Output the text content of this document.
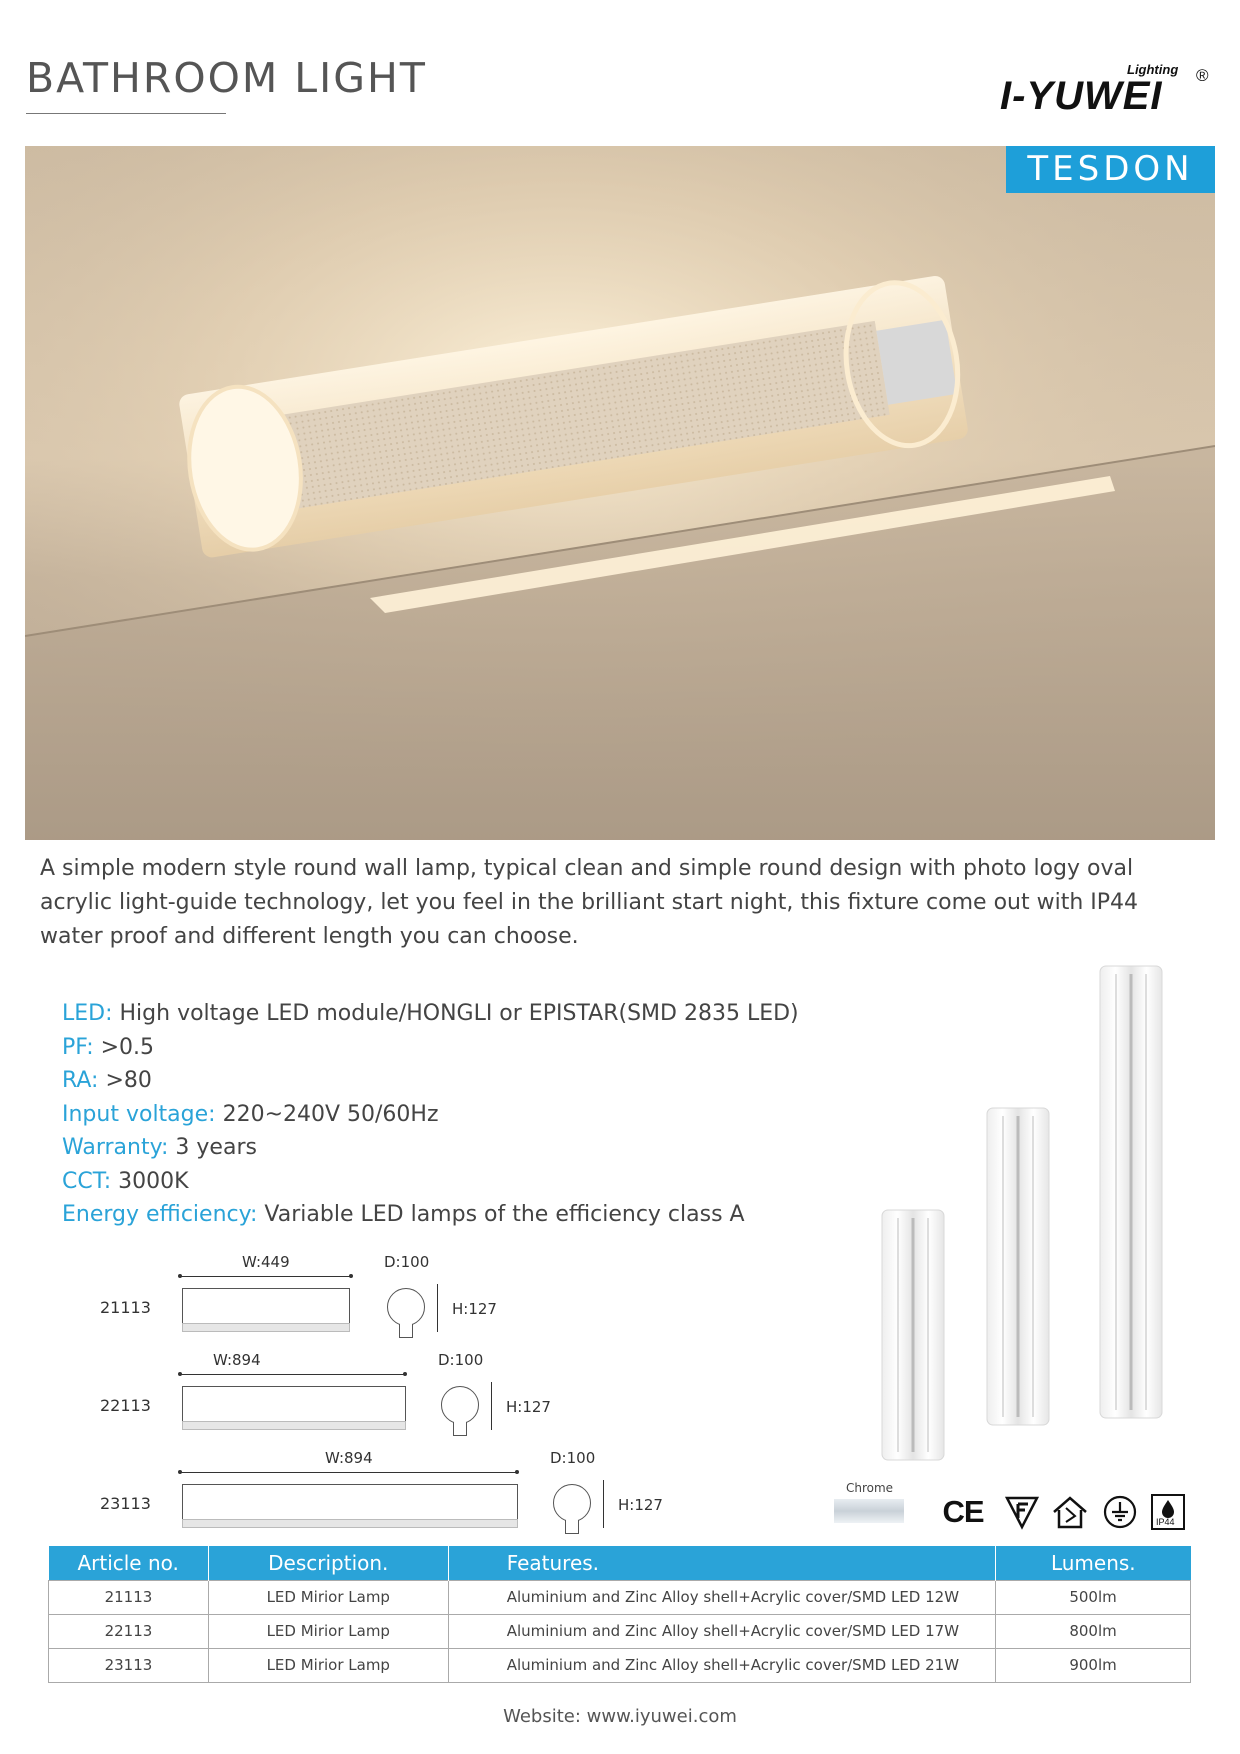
BATHROOM LIGHT	I-YUWEI
Lighting ®
TESDON

A simple modern style round wall lamp, typical clean and simple round design with photo logy oval acrylic light-guide technology, let you feel in the brilliant start night, this fixture come out with IP44 water proof and different length you can choose.

LED: High voltage LED module/HONGLI or EPISTAR(SMD 2835 LED)
PF: >0.5
RA: >80
Input voltage: 220~240V 50/60Hz
Warranty: 3 years
CCT: 3000K
Energy efficiency: Variable LED lamps of the efficiency class A
21113
W:449	D:100
H:127
22113
W:894	D:100
H:127
23113
W:894	D:100
H:127
Chrome
CE	IP44
Article no.	Description.	Features.	Lumens.
21113	LED Mirior Lamp	Aluminium and Zinc Alloy shell+Acrylic cover/SMD LED 12W	500lm
22113	LED Mirior Lamp	Aluminium and Zinc Alloy shell+Acrylic cover/SMD LED 17W	800lm
23113	LED Mirior Lamp	Aluminium and Zinc Alloy shell+Acrylic cover/SMD LED 21W	900lm
Website: www.iyuwei.com
